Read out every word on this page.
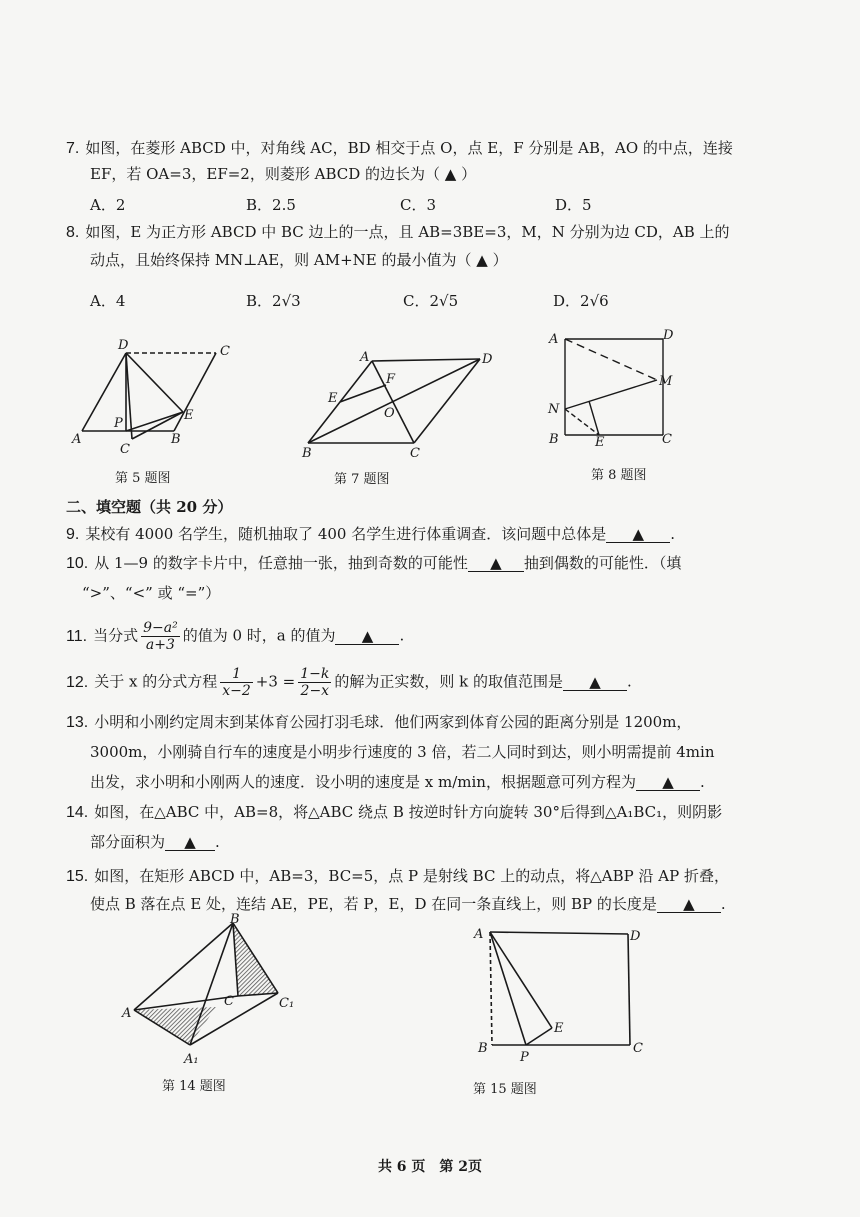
7. 如图，在菱形 ABCD 中，对角线 AC，BD 相交于点 O，点 E，F 分别是 AB，AO 的中点，连接
EF，若 OA=3，EF=2，则菱形 ABCD 的边长为（ ▲ ）
A．2	B．2.5	C．3	D．5
8. 如图，E 为正方形 ABCD 中 BC 边上的一点，且 AB=3BE=3，M，N 分别为边 CD，AB 上的
动点，且始终保持 MN⊥AE，则 AM+NE 的最小值为（ ▲ ）
A．4	B．2√3	C．2√5	D．2√6
D	C
P
E
A
C
B
第 5 题图
A	D
F
E
O
B	C
第 7 题图
A	D
M
N
B	E	C
第 8 题图
二、填空题（共 20 分）
9. 某校有 4000 名学生，随机抽取了 400 名学生进行体重调查．该问题中总体是 ▲ .
10. 从 1—9 的数字卡片中，任意抽一张，抽到奇数的可能性 ▲ 抽到偶数的可能性．（填
“>”、“<” 或 “=”）
11. 当分式 $\frac{\text{9−a²}}{a+3}$ 的值为 0 时，a 的值为 ▲ .
12. 关于 x 的分式方程 $\frac{1}{x-2} +3 = \frac{1-k}{2-x}$ 的解为正实数，则 k 的取值范围是 ▲ .
13. 小明和小刚约定周末到某体育公园打羽毛球．他们两家到体育公园的距离分别是 1200m，
3000m，小刚骑自行车的速度是小明步行速度的 3 倍，若二人同时到达，则小明需提前 4min
出发，求小明和小刚两人的速度．设小明的速度是 x m/min，根据题意可列方程为 ▲ .
14. 如图，在△ABC 中，AB=8，将△ABC 绕点 B 按逆时针方向旋转 30°后得到△A₁BC₁，则阴影
部分面积为 ▲ .
15. 如图，在矩形 ABCD 中，AB=3，BC=5，点 P 是射线 BC 上的动点，将△ABP 沿 AP 折叠，
使点 B 落在点 E 处，连结 AE，PE，若 P，E，D 在同一条直线上，则 BP 的长度是 ▲ .
B
C	C₁
A
A₁
第 14 题图
A	D
E
B
P
C
第 15 题图
共 6 页　第 2页
